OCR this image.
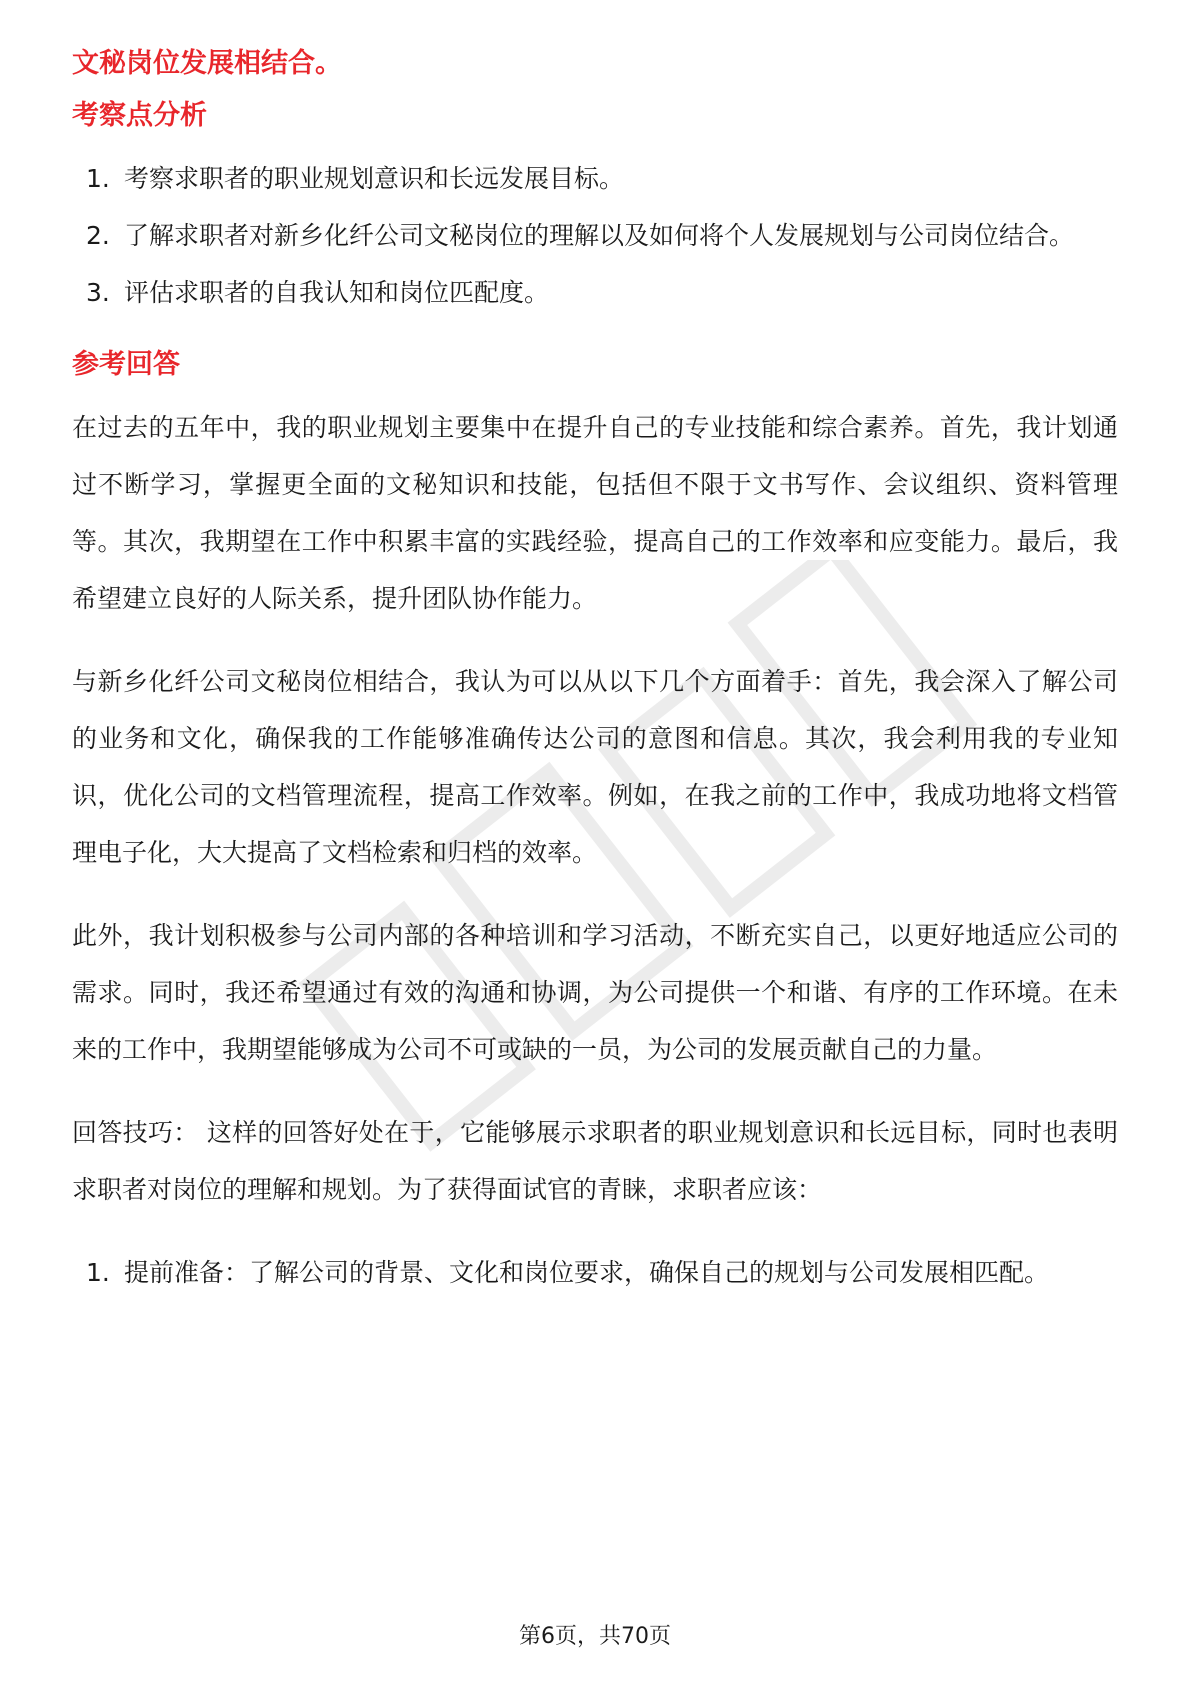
文秘岗位发展相结合。
考察点分析
1. 考察求职者的职业规划意识和长远发展目标。
2. 了解求职者对新乡化纤公司文秘岗位的理解以及如何将个人发展规划与公司岗位结合。
3. 评估求职者的自我认知和岗位匹配度。
参考回答

在过去的五年中，我的职业规划主要集中在提升自己的专业技能和综合素养。首先，我计划通过不断学习，掌握更全面的文秘知识和技能，包括但不限于文书写作、会议组织、资料管理等。其次，我期望在工作中积累丰富的实践经验，提高自己的工作效率和应变能力。最后，我希望建立良好的人际关系，提升团队协作能力。

与新乡化纤公司文秘岗位相结合，我认为可以从以下几个方面着手：首先，我会深入了解公司的业务和文化，确保我的工作能够准确传达公司的意图和信息。其次，我会利用我的专业知识，优化公司的文档管理流程，提高工作效率。例如，在我之前的工作中，我成功地将文档管理电子化，大大提高了文档检索和归档的效率。

此外，我计划积极参与公司内部的各种培训和学习活动，不断充实自己，以更好地适应公司的需求。同时，我还希望通过有效的沟通和协调，为公司提供一个和谐、有序的工作环境。在未来的工作中，我期望能够成为公司不可或缺的一员，为公司的发展贡献自己的力量。

回答技巧： 这样的回答好处在于，它能够展示求职者的职业规划意识和长远目标，同时也表明求职者对岗位的理解和规划。为了获得面试官的青睐，求职者应该：

1. 提前准备：了解公司的背景、文化和岗位要求，确保自己的规划与公司发展相匹配。
第6页，共70页
